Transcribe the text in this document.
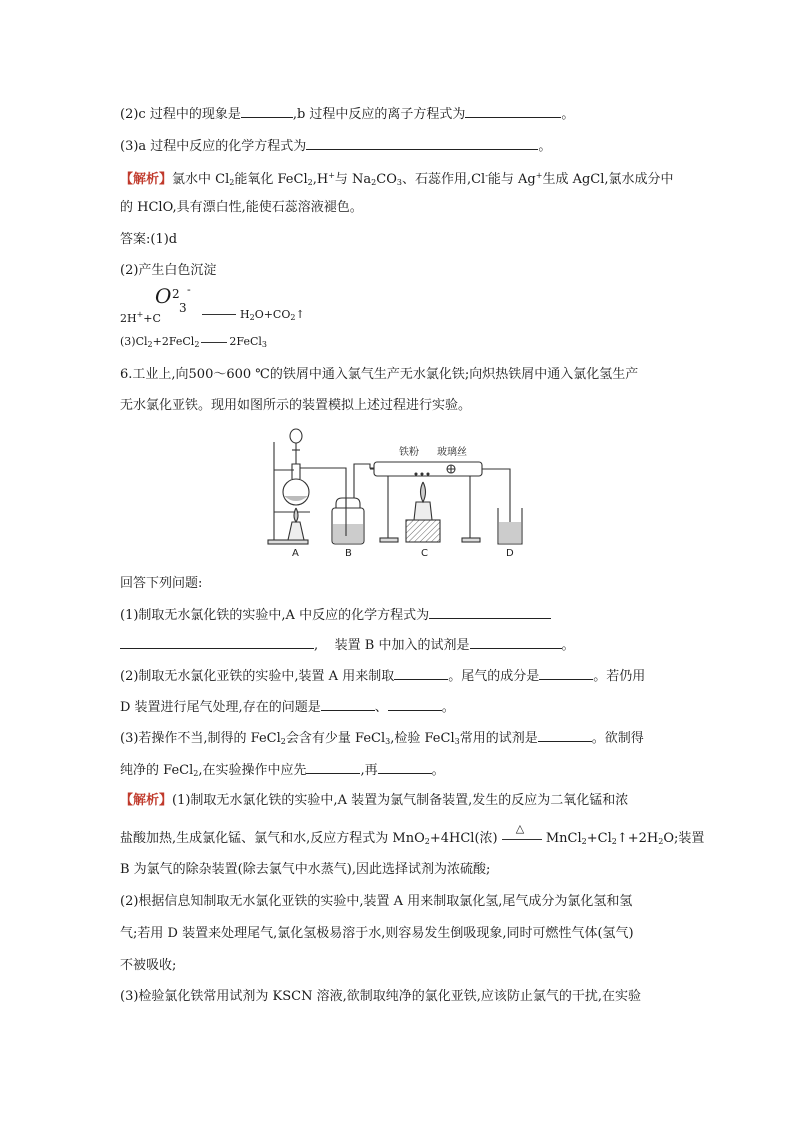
(2)c 过程中的现象是	,b 过程中反应的离子方程式为	。
(3)a 过程中反应的化学方程式为	。
【解析】氯水中 $Cl_2$能氧化 FeCl$_2$,H+与 $Na_2CO_3$、石蕊作用,Cl-能与 Ag+生成 AgCl,氯水成分中
的 HClO,具有漂白性,能使石蕊溶液褪色。
答案:(1)d
(2)产生白色沉淀
O 2 -
3
2H++C	$H_2O+CO_2↑$
$(3)Cl_2+2FeCl_2$	2FeCl$_3$
6.工业上,向500～600 ℃的铁屑中通入氯气生产无水氯化铁;向炽热铁屑中通入氯化氢生产
无水氯化亚铁。现用如图所示的装置模拟上述过程进行实验。
铁粉 玻璃丝
A	B	C	D
回答下列问题:
(1)制取无水氯化铁的实验中,A 中反应的化学方程式为
, 装置 B 中加入的试剂是	。
(2)制取无水氯化亚铁的实验中,装置 A 用来制取	。尾气的成分是	。若仍用
D 装置进行尾气处理,存在的问题是	、	。
(3)若操作不当,制得的 FeCl$_2$会含有少量 FeCl$_3$,检验 FeCl$_3$常用的试剂是	。欲制得
纯净的 FeCl$_2$,在实验操作中应先	,再	。
【解析】(1)制取无水氯化铁的实验中,A 装置为氯气制备装置,发生的反应为二氧化锰和浓
盐酸加热,生成氯化锰、氯气和水,反应方程式为 MnO$_2$+4HCl(浓)
△
$MnCl_2+Cl_2↑+2H_2O$;装置
B 为氯气的除杂装置(除去氯气中水蒸气),因此选择试剂为浓硫酸;
(2)根据信息知制取无水氯化亚铁的实验中,装置 A 用来制取氯化氢,尾气成分为氯化氢和氢
气;若用 D 装置来处理尾气,氯化氢极易溶于水,则容易发生倒吸现象,同时可燃性气体(氢气)
不被吸收;
(3)检验氯化铁常用试剂为 KSCN 溶液,欲制取纯净的氯化亚铁,应该防止氯气的干扰,在实验
